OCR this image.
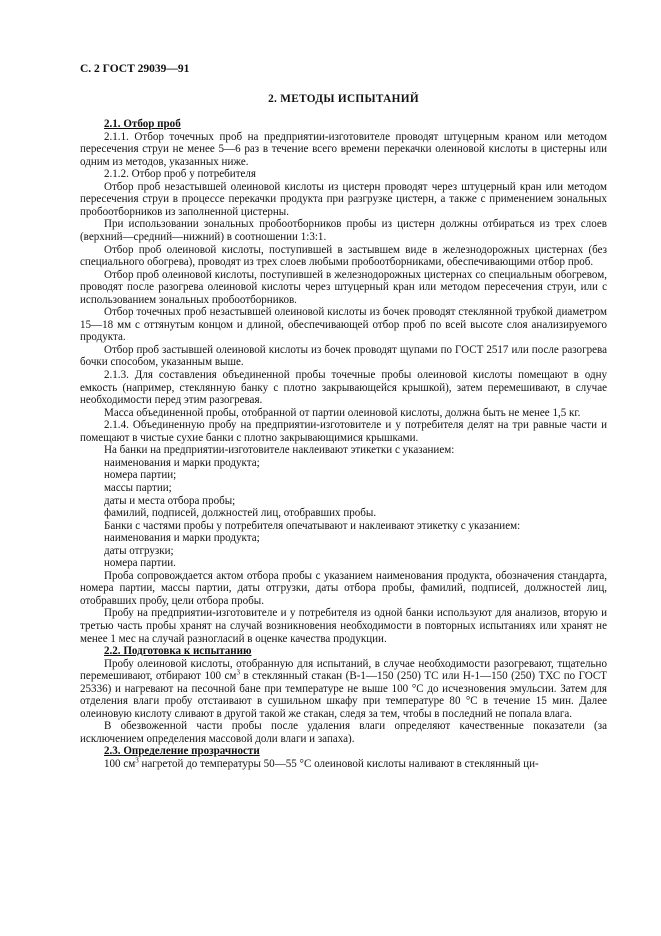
С. 2 ГОСТ 29039—91
2. МЕТОДЫ ИСПЫТАНИЙ
2.1. Отбор проб

2.1.1. Отбор точечных проб на предприятии-изготовителе проводят штуцерным краном или методом пересечения струи не менее 5—6 раз в течение всего времени перекачки олеиновой кислоты в цистерны или одним из методов, указанных ниже.

2.1.2. Отбор проб у потребителя

Отбор проб незастывшей олеиновой кислоты из цистерн проводят через штуцерный кран или методом пересечения струи в процессе перекачки продукта при разгрузке цистерн, а также с применением зональных пробоотборников из заполненной цистерны.

При использовании зональных пробоотборников пробы из цистерн должны отбираться из трех слоев (верхний—средний—нижний) в соотношении 1:3:1.

Отбор проб олеиновой кислоты, поступившей в застывшем виде в железнодорожных цистернах (без специального обогрева), проводят из трех слоев любыми пробоотборниками, обеспечивающими отбор проб.

Отбор проб олеиновой кислоты, поступившей в железнодорожных цистернах со специальным обогревом, проводят после разогрева олеиновой кислоты через штуцерный кран или методом пересечения струи, или с использованием зональных пробоотборников.

Отбор точечных проб незастывшей олеиновой кислоты из бочек проводят стеклянной трубкой диаметром 15—18 мм с оттянутым концом и длиной, обеспечивающей отбор проб по всей высоте слоя анализируемого продукта.

Отбор проб застывшей олеиновой кислоты из бочек проводят щупами по ГОСТ 2517 или после разогрева бочки способом, указанным выше.

2.1.3. Для составления объединенной пробы точечные пробы олеиновой кислоты помещают в одну емкость (например, стеклянную банку с плотно закрывающейся крышкой), затем перемешивают, в случае необходимости перед этим разогревая.

Масса объединенной пробы, отобранной от партии олеиновой кислоты, должна быть не менее 1,5 кг.

2.1.4. Объединенную пробу на предприятии-изготовителе и у потребителя делят на три равные части и помещают в чистые сухие банки с плотно закрывающимися крышками.

На банки на предприятии-изготовителе наклеивают этикетки с указанием:

наименования и марки продукта;
номера партии;
массы партии;
даты и места отбора пробы;
фамилий, подписей, должностей лиц, отобравших пробы.

Банки с частями пробы у потребителя опечатывают и наклеивают этикетку с указанием:

наименования и марки продукта;
даты отгрузки;
номера партии.

Проба сопровождается актом отбора пробы с указанием наименования продукта, обозначения стандарта, номера партии, массы партии, даты отгрузки, даты отбора пробы, фамилий, подписей, должностей лиц, отобравших пробу, цели отбора пробы.

Пробу на предприятии-изготовителе и у потребителя из одной банки используют для анализов, вторую и третью часть пробы хранят на случай возникновения необходимости в повторных испытаниях или хранят не менее 1 мес на случай разногласий в оценке качества продукции.

2.2. Подготовка к испытанию

Пробу олеиновой кислоты, отобранную для испытаний, в случае необходимости разогревают, тщательно перемешивают, отбирают 100 $см^3$ в стеклянный стакан (В-1—150 (250) ТС или Н-1—150 (250) ТХС по ГОСТ 25336) и нагревают на песочной бане при температуре не выше 100 °С до исчезновения эмульсии. Затем для отделения влаги пробу отстаивают в сушильном шкафу при температуре 80 °С в течение 15 мин. Далее олеиновую кислоту сливают в другой такой же стакан, следя за тем, чтобы в последний не попала влага.

В обезвоженной части пробы после удаления влаги определяют качественные показатели (за исключением определения массовой доли влаги и запаха).

2.3. Определение прозрачности

100 $см^3$ нагретой до температуры 50—55 °С олеиновой кислоты наливают в стеклянный ци-
